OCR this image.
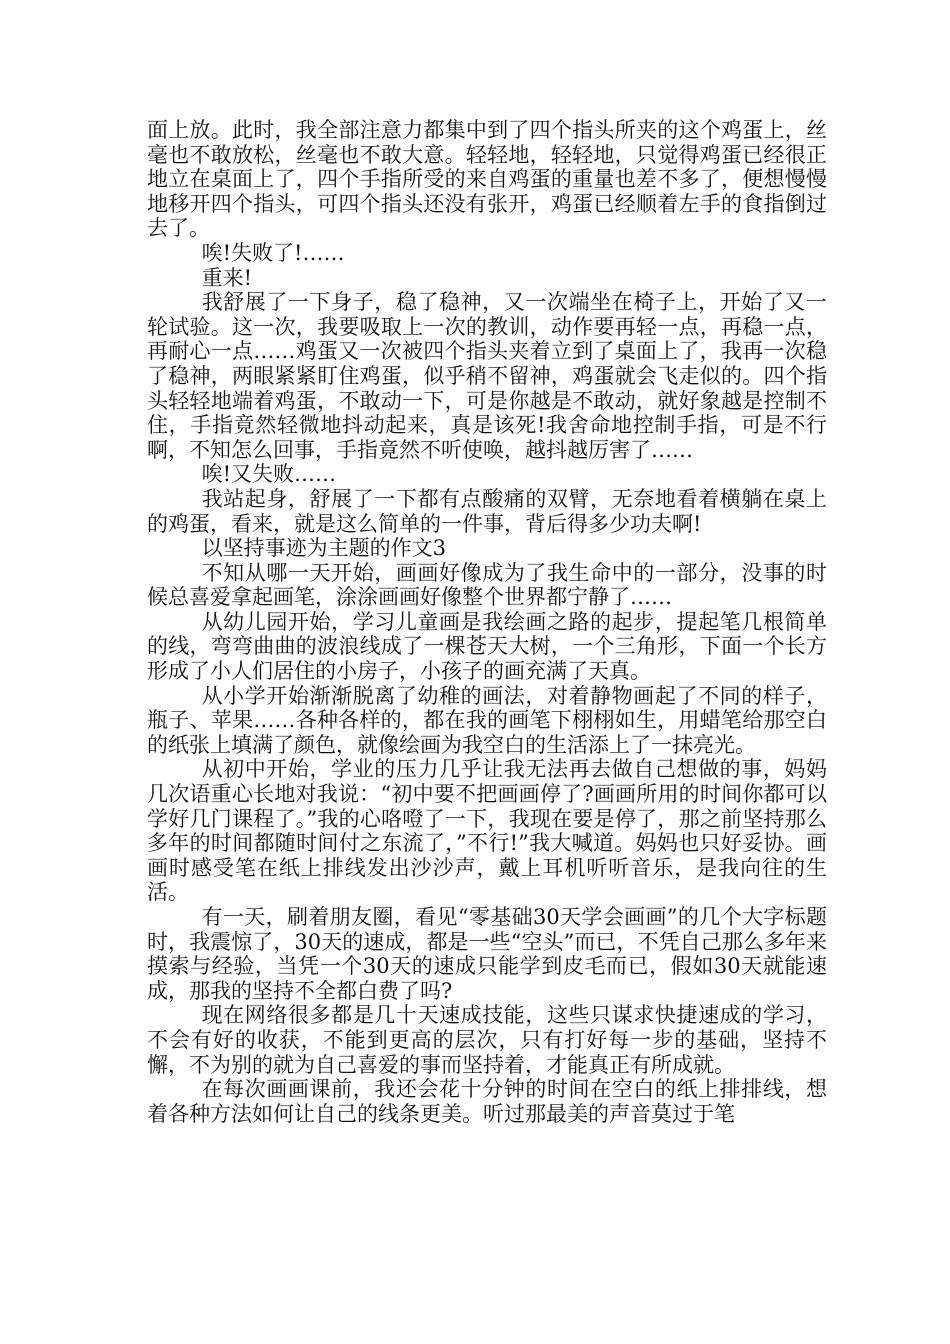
面上放。此时，我全部注意力都集中到了四个指头所夹的这个鸡蛋上，丝毫也不敢放松，丝毫也不敢大意。轻轻地，轻轻地，只觉得鸡蛋已经很正地立在桌面上了，四个手指所受的来自鸡蛋的重量也差不多了，便想慢慢地移开四个指头，可四个指头还没有张开，鸡蛋已经顺着左手的食指倒过去了。

唉!失败了!……

重来!

我舒展了一下身子，稳了稳神，又一次端坐在椅子上，开始了又一轮试验。这一次，我要吸取上一次的教训，动作要再轻一点，再稳一点，再耐心一点……鸡蛋又一次被四个指头夹着立到了桌面上了，我再一次稳了稳神，两眼紧紧盯住鸡蛋，似乎稍不留神，鸡蛋就会飞走似的。四个指头轻轻地端着鸡蛋，不敢动一下，可是你越是不敢动，就好象越是控制不住，手指竟然轻微地抖动起来，真是该死!我舍命地控制手指，可是不行啊，不知怎么回事，手指竟然不听使唤，越抖越厉害了……

唉!又失败……

我站起身，舒展了一下都有点酸痛的双臂，无奈地看着横躺在桌上的鸡蛋，看来，就是这么简单的一件事，背后得多少功夫啊!

以坚持事迹为主题的作文3

不知从哪一天开始，画画好像成为了我生命中的一部分，没事的时候总喜爱拿起画笔，涂涂画画好像整个世界都宁静了……

从幼儿园开始，学习儿童画是我绘画之路的起步，提起笔几根简单的线，弯弯曲曲的波浪线成了一棵苍天大树，一个三角形，下面一个长方形成了小人们居住的小房子，小孩子的画充满了天真。

从小学开始渐渐脱离了幼稚的画法，对着静物画起了不同的样子，瓶子、苹果……各种各样的，都在我的画笔下栩栩如生，用蜡笔给那空白的纸张上填满了颜色，就像绘画为我空白的生活添上了一抹亮光。

从初中开始，学业的压力几乎让我无法再去做自己想做的事，妈妈几次语重心长地对我说：“初中要不把画画停了?画画所用的时间你都可以学好几门课程了。”我的心咯噔了一下，我现在要是停了，那之前坚持那么多年的时间都随时间付之东流了，”不行!”我大喊道。妈妈也只好妥协。画画时感受笔在纸上排线发出沙沙声，戴上耳机听听音乐，是我向往的生活。

有一天，刷着朋友圈，看见“零基础30天学会画画”的几个大字标题时，我震惊了，30天的速成，都是一些“空头”而已，不凭自己那么多年来摸索与经验，当凭一个30天的速成只能学到皮毛而已，假如30天就能速成，那我的坚持不全都白费了吗?

现在网络很多都是几十天速成技能，这些只谋求快捷速成的学习，不会有好的收获，不能到更高的层次，只有打好每一步的基础，坚持不懈，不为别的就为自己喜爱的事而坚持着，才能真正有所成就。

在每次画画课前，我还会花十分钟的时间在空白的纸上排排线，想着各种方法如何让自己的线条更美。听过那最美的声音莫过于笔
